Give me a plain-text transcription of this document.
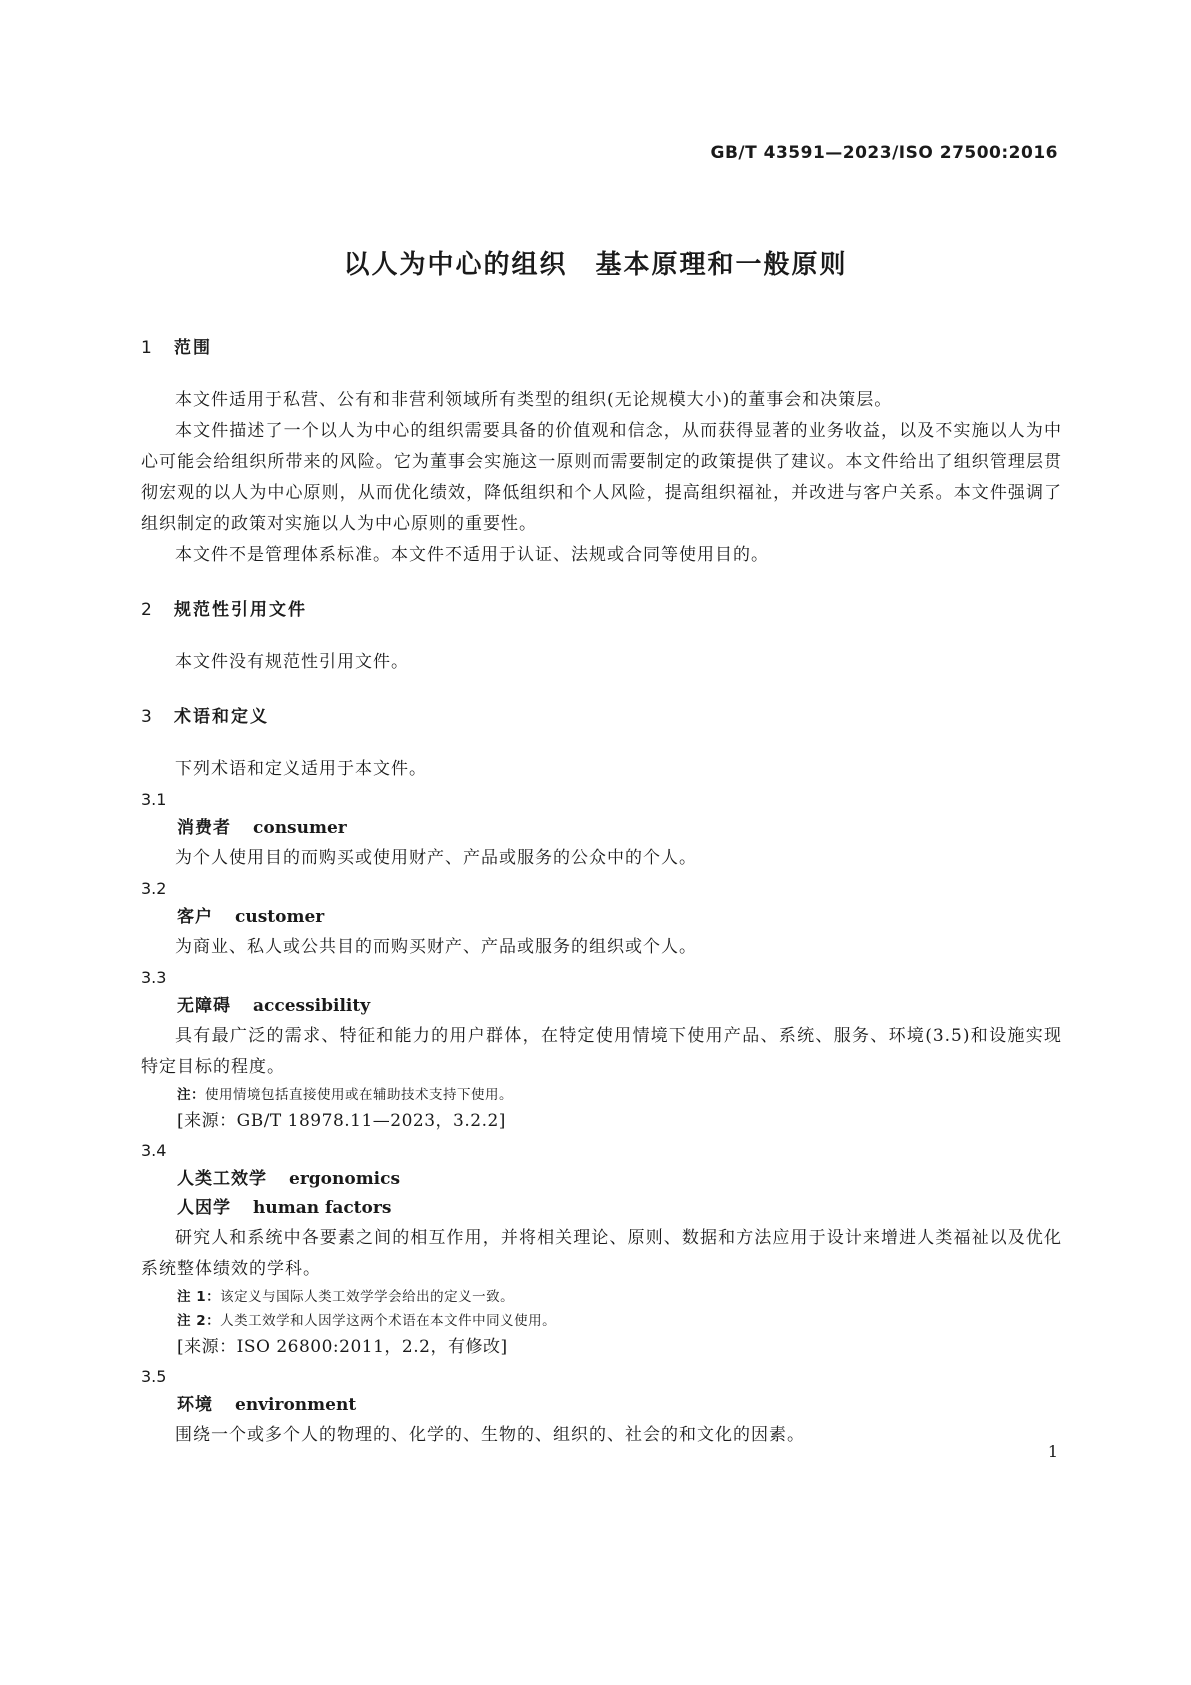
GB/T 43591—2023/ISO 27500:2016
以人为中心的组织　基本原理和一般原则
1	范围

本文件适用于私营、公有和非营利领域所有类型的组织(无论规模大小)的董事会和决策层。

本文件描述了一个以人为中心的组织需要具备的价值观和信念，从而获得显著的业务收益，以及不实施以人为中心可能会给组织所带来的风险。它为董事会实施这一原则而需要制定的政策提供了建议。本文件给出了组织管理层贯彻宏观的以人为中心原则，从而优化绩效，降低组织和个人风险，提高组织福祉，并改进与客户关系。本文件强调了组织制定的政策对实施以人为中心原则的重要性。

本文件不是管理体系标准。本文件不适用于认证、法规或合同等使用目的。

2	规范性引用文件

本文件没有规范性引用文件。

3	术语和定义

下列术语和定义适用于本文件。

3.1
消费者 consumer

为个人使用目的而购买或使用财产、产品或服务的公众中的个人。

3.2
客户 customer

为商业、私人或公共目的而购买财产、产品或服务的组织或个人。

3.3
无障碍 accessibility

具有最广泛的需求、特征和能力的用户群体，在特定使用情境下使用产品、系统、服务、环境(3.5)和设施实现特定目标的程度。

注：使用情境包括直接使用或在辅助技术支持下使用。
[来源：GB/T 18978.11—2023，3.2.2]
3.4
人类工效学 ergonomics
人因学 human factors

研究人和系统中各要素之间的相互作用，并将相关理论、原则、数据和方法应用于设计来增进人类福祉以及优化系统整体绩效的学科。

注 1：该定义与国际人类工效学学会给出的定义一致。
注 2：人类工效学和人因学这两个术语在本文件中同义使用。
[来源：ISO 26800:2011，2.2，有修改]
3.5
环境 environment

围绕一个或多个人的物理的、化学的、生物的、组织的、社会的和文化的因素。

1
